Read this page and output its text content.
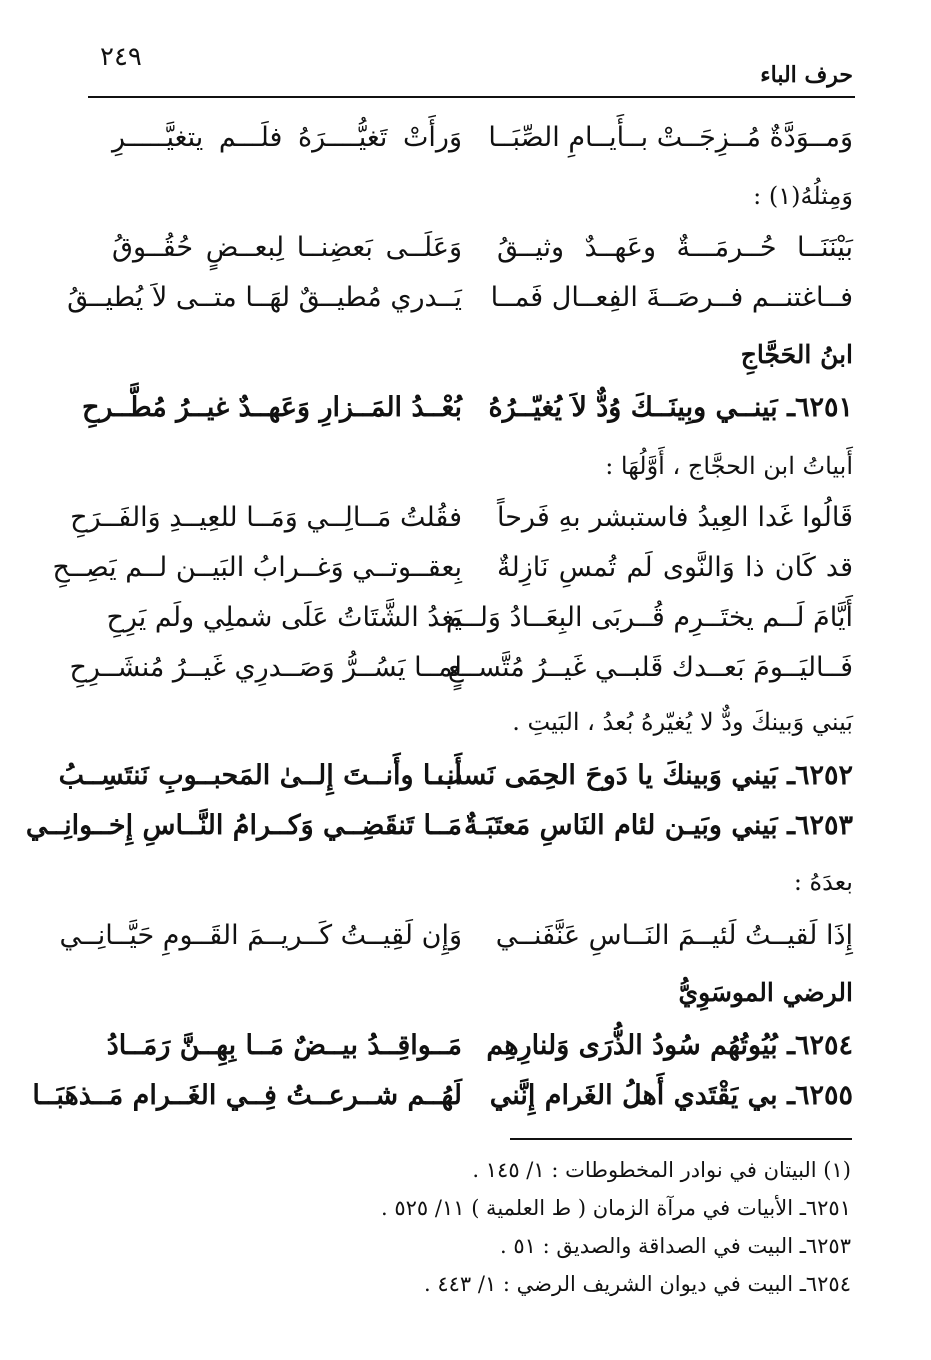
٢٤٩
حرف الباء
وَمــوَدَّةٌ مُــزِجَــتْ بــأَيــامِ الصِّبَــا
وَرأَتْ تَغيُّــــرَهُ فلَـــم يتغيَّـــــرِ
وَمِثلُهُ(١) :
بَيْنَنَــا حُــرمَـــةٌ وعَهــدٌ وثيــقُ
وَعَلَــى بَعضِنــا لِبعــضٍ حُقُــوقُ
فــاغتنــم فــرصَــةَ الفِعــال فَمــا
يَــدري مُطيــقٌ لهَــا متــى لاَ يُطيــقُ
ابنُ الحَجَّاجِ
٦٢٥١ـ بَينــي وبِينَــكَ وُدٌّ لاَ يُغيّــرُهُ
بُعْــدُ المَــزارِ وَعَهــدٌ غيــرُ مُطَّــرحِ
أَبياتُ ابن الحجَّاج ، أَوَّلُهَا :
قَالُوا غَدا العِيدُ فاستبشر بهِ فَرحاً
فقُلتُ مَــالِــي وَمَــا للعِيــدِ وَالفَــرَحِ
قد كَان ذا وَالنَّوى لَم تُمسِ نَازِلةٌ
بِعقــوتــي وَغــرابُ البَيــن لــم يَصِــحِ
أَيَّامَ لَــم يختَــرِم قُــربَى البِعَــادُ وَلــم
يَغدُ الشَّتَاتُ عَلَى شملِي ولَم يَرِحِ
فَــاليَــومَ بَعــدك قَلبــي غَيــرُ مُتَّســعٍ
لمــا يَسُــرُّ وَصَــدرِي غَيــرُ مُنشَــرِحِ
بَيني وَبينكَ ودٌّ لا يُغيّرهُ بُعدُ ، البَيتِ .
٦٢٥٢ـ بَيني وَبينكَ يا دَوحَ الحِمَى نَسب
أَنــا وأَنــتَ إِلــىٰ المَحبــوبِ نَنتَسِــبُ
٦٢٥٣ـ بَيني وبَيـن لئام النَاسِ مَعتَبَـةٌ
مَــا تَنقَضِــي وَكــرامُ النَّــاسِ إِخــوانِــي
بعدَهُ :
إِذَا لَقيــتُ لَئيــمَ النَــاسِ عَنَّفَنــي
وَإِن لَقِيــتُ كَــريــمَ القَــومِ حَيَّــانِــي
الرضي الموسَوِيُّ
٦٢٥٤ـ بُيُوتُهُم سُودُ الذُّرَى وَلنارِهِم
مَــواقِــدُ بيــضٌ مَــا بِهِــنَّ رَمَــادُ
٦٢٥٥ـ بي يَقْتَدي أَهلُ الغَرام إِنَّني
لَهُــم شــرعــتُ فِــي الغَــرام مَــذهَبَــا
(١) البيتان في نوادر المخطوطات : ١/ ١٤٥ .
٦٢٥١ـ الأبيات في مرآة الزمان ( ط العلمية ) ١١/ ٥٢٥ .
٦٢٥٣ـ البيت في الصداقة والصديق : ٥١ .
٦٢٥٤ـ البيت في ديوان الشريف الرضي : ١/ ٤٤٣ .
